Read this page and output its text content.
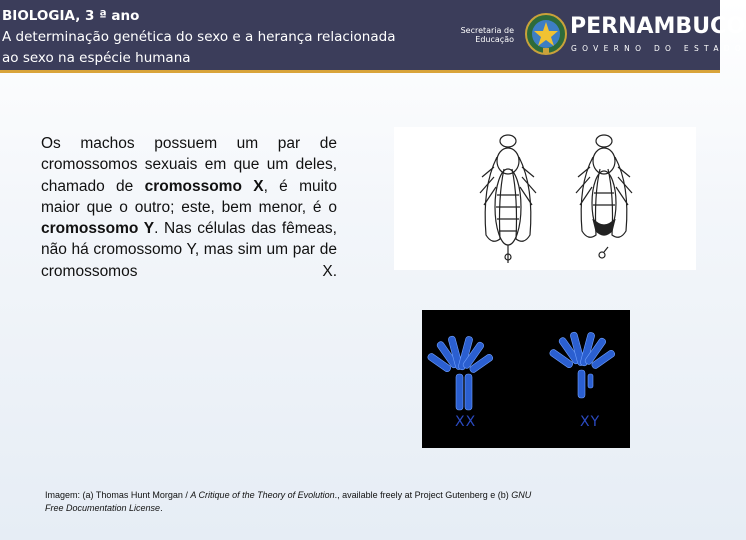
BIOLOGIA, 3 ª ano
A determinação genética do sexo e a herança relacionada
ao sexo na espécie humana
Secretaria de
Educação
PERNAMBUCO
GOVERNO DO ESTADO
Os machos possuem um par de cromossomos sexuais em que um deles, chamado de cromossomo X, é muito maior que o outro; este, bem menor, é o cromossomo Y. Nas células das fêmeas, não há cromossomo Y, mas sim um par de cromossomos X.
XX	XY
Imagem: (a) Thomas Hunt Morgan / A Critique of the Theory of Evolution., available freely at Project Gutenberg e (b) GNU Free Documentation License.
